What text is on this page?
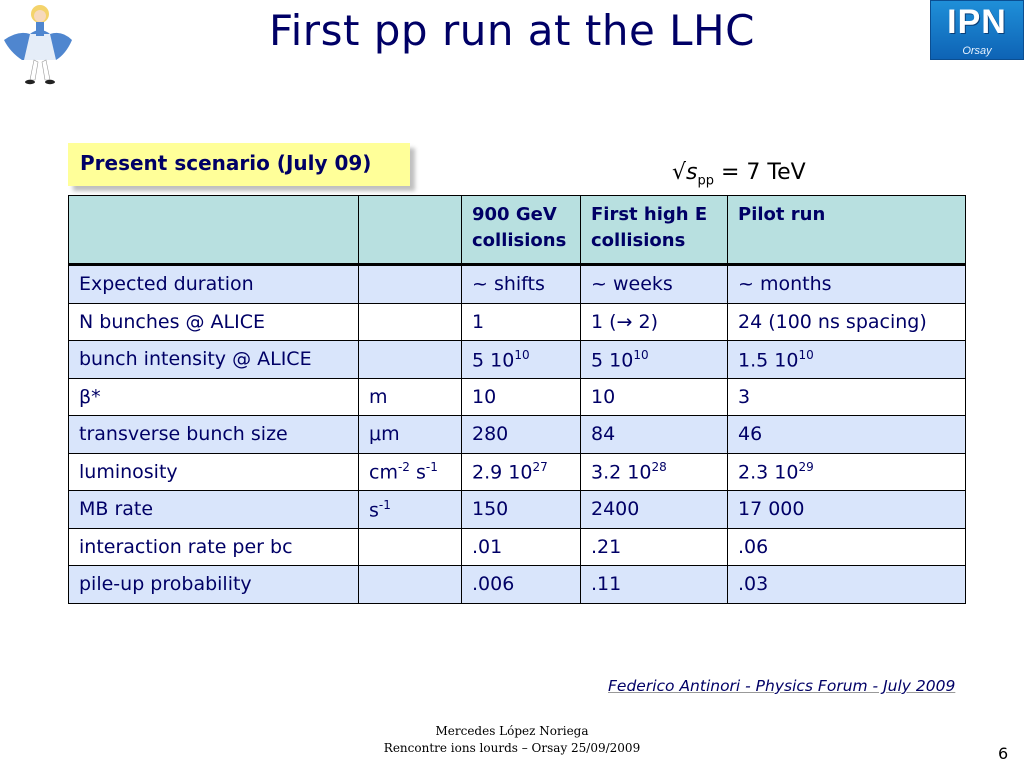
First pp run at the LHC	IPN
Orsay
Present scenario (July 09)	$√s_{pp} = 7$ TeV
		900 GeV collisions	First high E collisions	Pilot run
Expected duration		~ shifts	~ weeks	~ months
N bunches @ ALICE		1	1 (→ 2)	24 (100 ns spacing)
bunch intensity @ ALICE		5 $10^{10}$	5 $10^{10}$	1.5 $10^{10}$
β*	m	10	10	3
transverse bunch size	μm	280	84	46
luminosity	$cm^{-2}$ $s^{-1}$	2.9 $10^{27}$	3.2 $10^{28}$	2.3 $10^{29}$
MB rate	$s^{-1}$	150	2400	17 000
interaction rate per bc		.01	.21	.06
pile-up probability		.006	.11	.03
Federico Antinori - Physics Forum - July 2009
Mercedes López Noriega
Rencontre ions lourds – Orsay 25/09/2009	6
